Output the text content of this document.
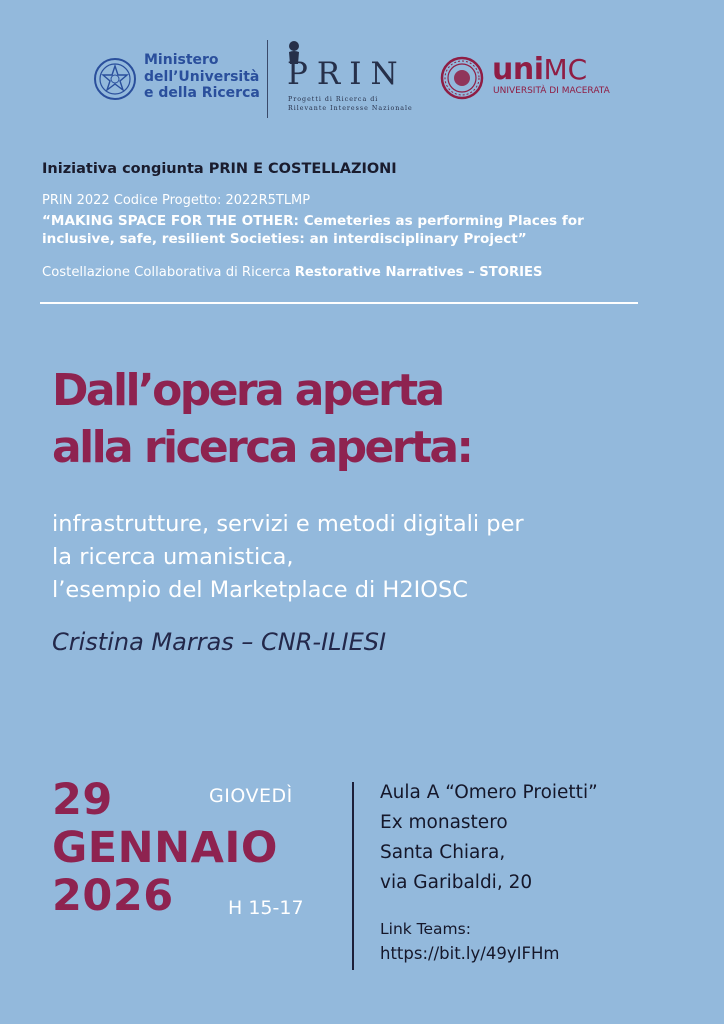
Ministero
dell’Università
e della Ricerca
PRIN
Progetti di Ricerca di Rilevante Interesse Nazionale
uniMC
UNIVERSITÀ DI MACERATA
Iniziativa congiunta PRIN E COSTELLAZIONI
PRIN 2022 Codice Progetto: 2022R5TLMP
“MAKING SPACE FOR THE OTHER: Cemeteries as performing Places for
inclusive, safe, resilient Societies: an interdisciplinary Project”
Costellazione Collaborativa di Ricerca Restorative Narratives – STORIES
Dall’opera aperta
alla ricerca aperta:
infrastrutture, servizi e metodi digitali per
la ricerca umanistica,
l’esempio del Marketplace di H2IOSC
Cristina Marras – CNR-ILIESI
29
GENNAIO
2026
GIOVEDÌ
H 15-17
Aula A “Omero Proietti”
Ex monastero
Santa Chiara,
via Garibaldi, 20
Link Teams:
https://bit.ly/49yIFHm
